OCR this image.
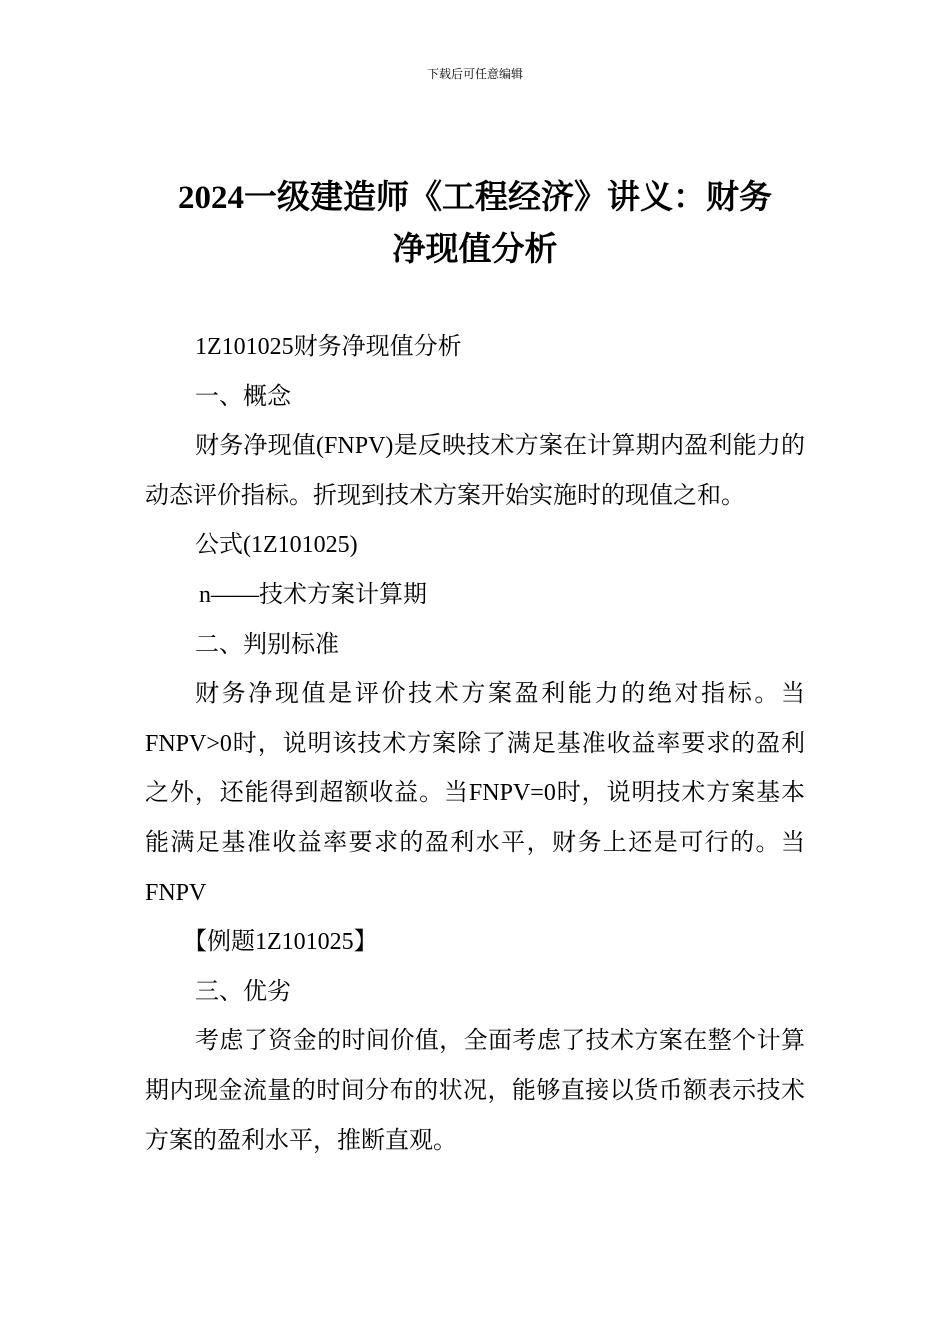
下载后可任意编辑
2024一级建造师《工程经济》讲义：财务
净现值分析

1Z101025财务净现值分析

一、概念

财务净现值(FNPV)是反映技术方案在计算期内盈利能力的动态评价指标。折现到技术方案开始实施时的现值之和。

公式(1Z101025)

n——技术方案计算期

二、判别标准

财务净现值是评价技术方案盈利能力的绝对指标。当FNPV>0时，说明该技术方案除了满足基准收益率要求的盈利之外，还能得到超额收益。当FNPV=0时，说明技术方案基本能满足基准收益率要求的盈利水平，财务上还是可行的。当FNPV

【例题1Z101025】

三、优劣

考虑了资金的时间价值，全面考虑了技术方案在整个计算期内现金流量的时间分布的状况，能够直接以货币额表示技术方案的盈利水平，推断直观。
